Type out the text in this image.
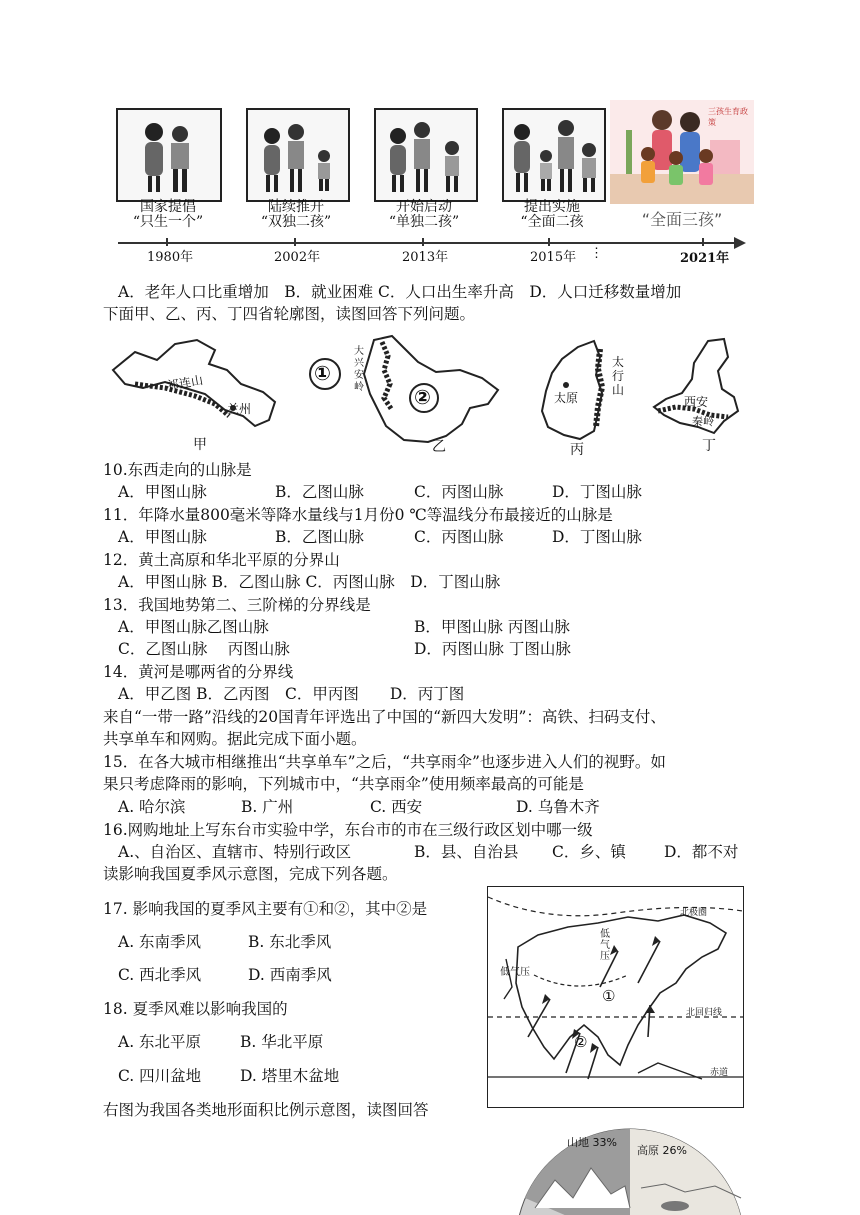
国家提倡
“只生一个”
陆续推开
“双独二孩”
开始启动
“单独二孩”
提出实施
“全面二孩
三孩生育政策
“全面三孩”
1980年	2002年	2013年	2015年 ⋮	2021年
A．老年人口比重增加　B．就业困难 C．人口出生率升高　D．人口迁移数量增加
下面甲、乙、丙、丁四省轮廓图，读图回答下列问题。
祁连山
兰州
甲
①
②
大兴安岭
乙
太原
太行山
丙
西安
秦岭
丁
10.东西走向的山脉是
A．甲图山脉	B．乙图山脉	C．丙图山脉	D．丁图山脉
11．年降水量800毫米等降水量线与1月份0 ℃等温线分布最接近的山脉是
A．甲图山脉	B．乙图山脉	C．丙图山脉	D．丁图山脉
12．黄土高原和华北平原的分界山
A．甲图山脉 B．乙图山脉 C．丙图山脉　D．丁图山脉
13．我国地势第二、三阶梯的分界线是
A．甲图山脉乙图山脉	B．甲图山脉 丙图山脉
C．乙图山脉　 丙图山脉	D．丙图山脉 丁图山脉
14．黄河是哪两省的分界线
A．甲乙图 B．乙丙图　C．甲丙图　　D．丙丁图
来自“一带一路”沿线的20国青年评选出了中国的“新四大发明”：高铁、扫码支付、
共享单车和网购。据此完成下面小题。
15．在各大城市相继推出“共享单车”之后，“共享雨伞”也逐步进入人们的视野。如
果只考虑降雨的影响，下列城市中，“共享雨伞”使用频率最高的可能是
A. 哈尔滨	B. 广州	C. 西安	D. 乌鲁木齐
16.网购地址上写东台市实验中学，东台市的市在三级行政区划中哪一级
A.、自治区、直辖市、特别行政区	B．县、自治县 C．乡、镇 D．都不对
读影响我国夏季风示意图，完成下列各题。
17. 影响我国的夏季风主要有①和②，其中②是
A. 东南季风	B. 东北季风
C. 西北季风	D. 西南季风
18. 夏季风难以影响我国的
A. 东北平原	B. 华北平原
C. 四川盆地	D. 塔里木盆地
右图为我国各类地形面积比例示意图，读图回答
北极圈
北回归线
赤道
低气压
低气压
①
②
山地 33%
高原 26%
